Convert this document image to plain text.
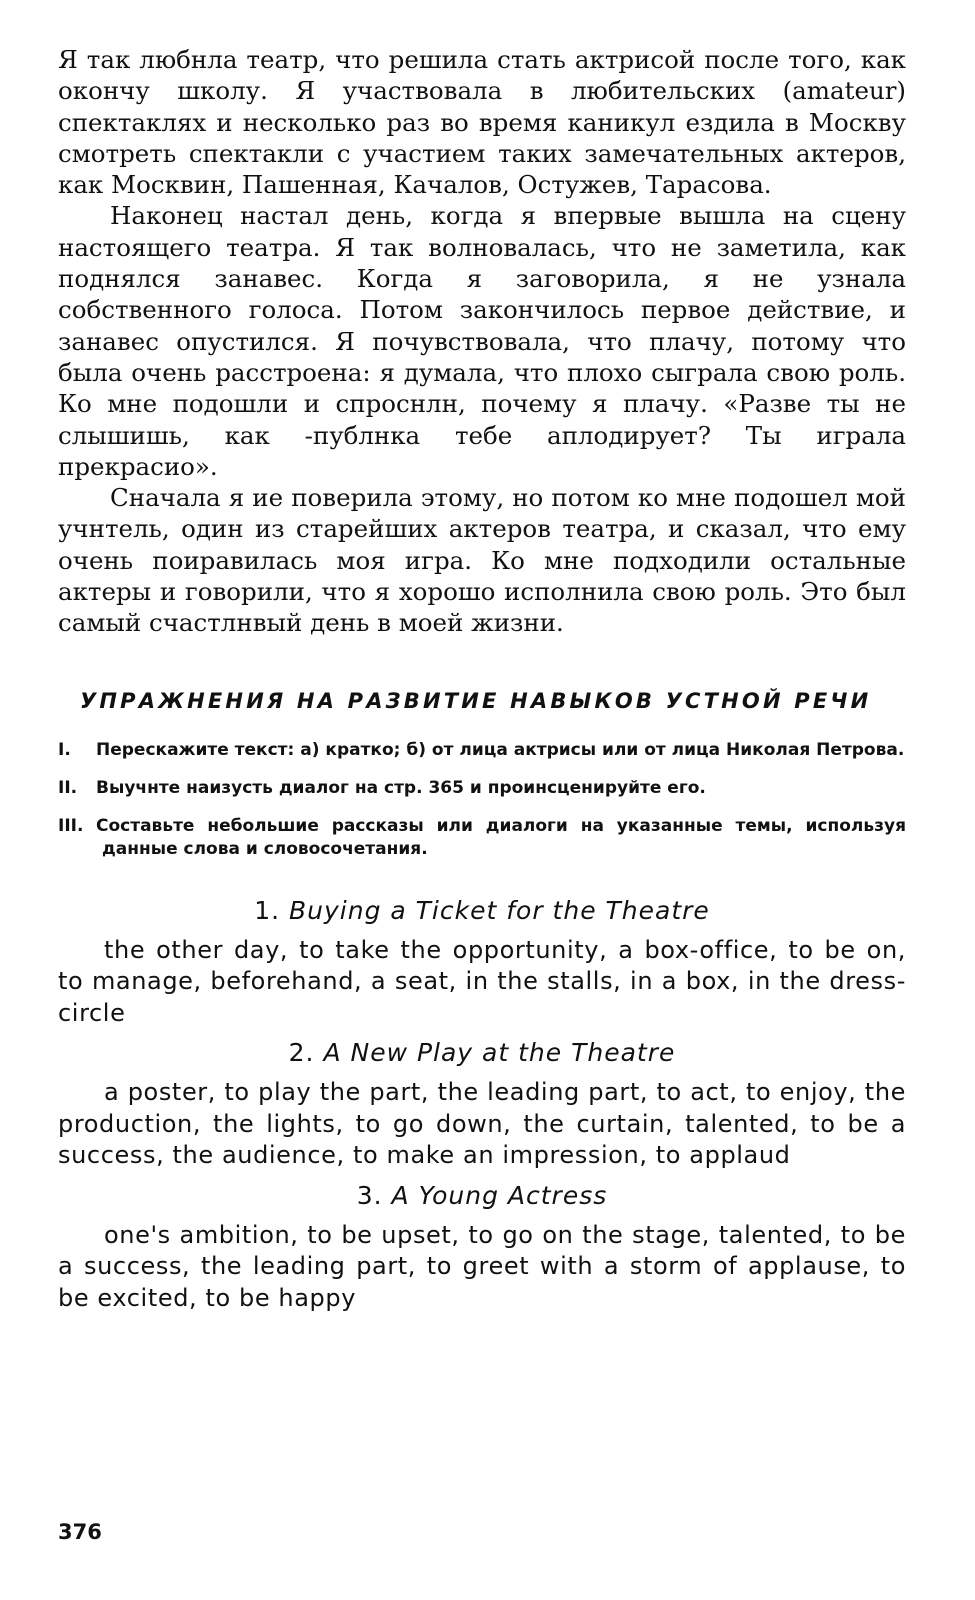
Я так любнла театр, что решила стать актрисой после того, как окончу школу. Я участвовала в любительских (amateur) спектаклях и несколько раз во время каникул ездила в Москву смотреть спектакли с участием таких замечательных актеров, как Москвин, Пашенная, Качалов, Остужев, Тарасова.

Наконец настал день, когда я впервые вышла на сцену настоящего театра. Я так волновалась, что не заметила, как поднялся занавес. Когда я заговорила, я не узнала собственного голоса. Потом закончилось первое действие, и занавес опустился. Я почувствовала, что плачу, потому что была очень расстроена: я думала, что плохо сыграла свою роль. Ко мне подошли и спроснлн, почему я плачу. «Разве ты не слышишь, как -публнка тебе аплодирует? Ты играла прекрасио».

Сначала я ие поверила этому, но потом ко мне подошел мой учнтель, один из старейших актеров театра, и сказал, что ему очень поиравилась моя игра. Ко мне подходили остальные актеры и говорили, что я хорошо исполнила свою роль. Это был самый счастлнвый день в моей жизни.

УПРАЖНЕНИЯ НА РАЗВИТИЕ НАВЫКОВ УСТНОЙ РЕЧИ

I. Перескажите текст: а) кратко; б) от лица актрисы или от лица Николая Петрова.

II. Выучнте наизусть диалог на стр. 365 и проинсценируйте его.

III. Составьте небольшие рассказы или диалоги на указанные темы, используя данные слова и словосочетания.

1. Buying a Ticket for the Theatre

the other day, to take the opportunity, a box-office, to be on, to manage, beforehand, a seat, in the stalls, in a box, in the dress-circle

2. A New Play at the Theatre

a poster, to play the part, the leading part, to act, to enjoy, the production, the lights, to go down, the curtain, talented, to be a success, the audience, to make an impression, to applaud

3. A Young Actress

one's ambition, to be upset, to go on the stage, talented, to be a success, the leading part, to greet with a storm of applause, to be excited, to be happy

376
